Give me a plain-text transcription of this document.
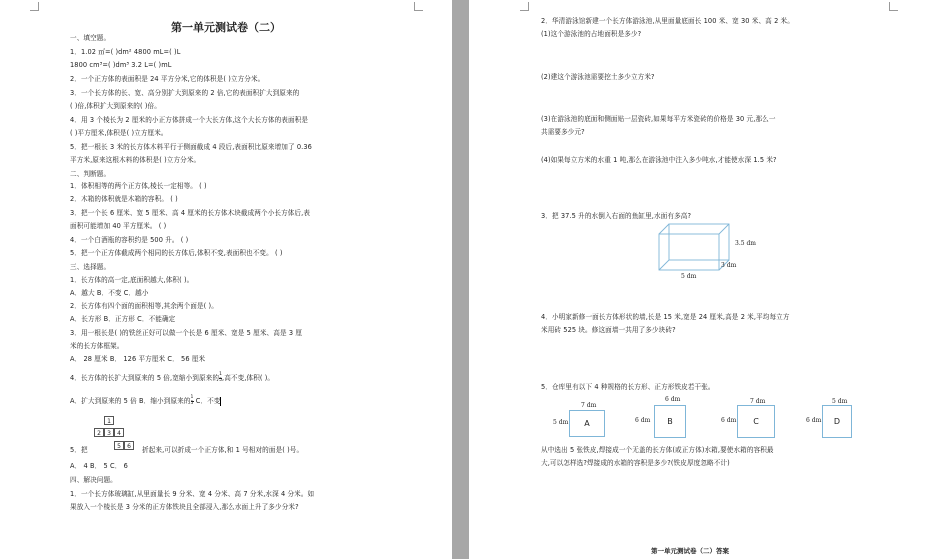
第一单元测试卷（二）
一、填空题。
1．1.02 ㎡=( )dm² 4800 mL=( )L
1800 cm³=( )dm³ 3.2 L=( )mL
2．一个正方体的表面积是 24 平方分米,它的体积是( )立方分米。
3．一个长方体的长、宽、高分别扩大到原来的 2 倍,它的表面积扩大到原来的
( )倍,体积扩大到原来的( )倍。
4．用 3 个棱长为 2 厘米的小正方体拼成一个大长方体,这个大长方体的表面积是
( )平方厘米,体积是( )立方厘米。
5．把一根长 3 米的长方体木料平行于侧面截成 4 段后,表面积比原来增加了 0.36
平方米,原来这根木料的体积是( )立方分米。
二、判断题。
1．体积相等的两个正方体,棱长一定相等。 ( )
2．木箱的体积就是木箱的容积。 ( )
3．把一个长 6 厘米、宽 5 厘米、高 4 厘米的长方体木块截成两个小长方体后,表
面积可能增加 40 平方厘米。 ( )
4．一个白酒瓶的容积约是 500 升。 ( )
5．把一个正方体截成两个相同的长方体后,体积不变,表面积也不变。 ( )
三、选择题。
1．长方体的高一定,底面积越大,体积( )。
A．越大 B．不变 C．越小
2．长方体有四个面的面积相等,其余两个面是( )。
A．长方形 B．正方形 C．不能确定
3．用一根长是( )的铁丝正好可以做一个长是 6 厘米、宽是 5 厘米、高是 3 厘
米的长方体框架。
A． 28 厘米 B． 126 平方厘米 C． 56 厘米
4．长方体的长扩大到原来的 5 倍,宽缩小到原来的 $\frac{1}{5}$ ,高不变,体积( )。
A．扩大到原来的 5 倍 B．缩小到原来的 $\frac{1}{5}$ C．不变
1
2	3	4
5	6
5．把	折起来,可以折成一个正方体,和 1 号相对的面是( )号。
A． 4 B． 5 C． 6
四、解决问题。
1．一个长方体玻璃缸,从里面量长 9 分米、宽 4 分米、高 7 分米,水深 4 分米。如
果放入一个棱长是 3 分米的正方体铁块且全部浸入,那么水面上升了多少分米?
2．华清游泳馆新建一个长方体游泳池,从里面量底面长 100 米、宽 30 米、高 2 米。
(1)这个游泳池的占地面积是多少?
(2)建这个游泳池需要挖土多少立方米?
(3)在游泳池的底面和侧面贴一层瓷砖,如果每平方米瓷砖的价格是 30 元,那么一
共需要多少元?
(4)如果每立方米的水重 1 吨,那么在游泳池中注入多少吨水,才能使水深 1.5 米?
3．把 37.5 升的水倒入右面的鱼缸里,水面有多高?
3.5 dm
3 dm
5 dm
4．小明家新修一面长方体形状的墙,长是 15 米,宽是 24 厘米,高是 2 米,平均每立方
米用砖 525 块。修这面墙一共用了多少块砖?
5．仓库里有以下 4 种规格的长方形、正方形铁皮若干张。
7 dm
5 dm	A
6 dm
6 dm	B
7 dm
6 dm	C
5 dm
6 dm	D
从中选出 5 张铁皮,焊接成一个无盖的长方体(或正方体)水箱,要使水箱的容积最
大,可以怎样选?焊接成的水箱的容积是多少?(铁皮厚度忽略不计)
第一单元测试卷（二）答案
